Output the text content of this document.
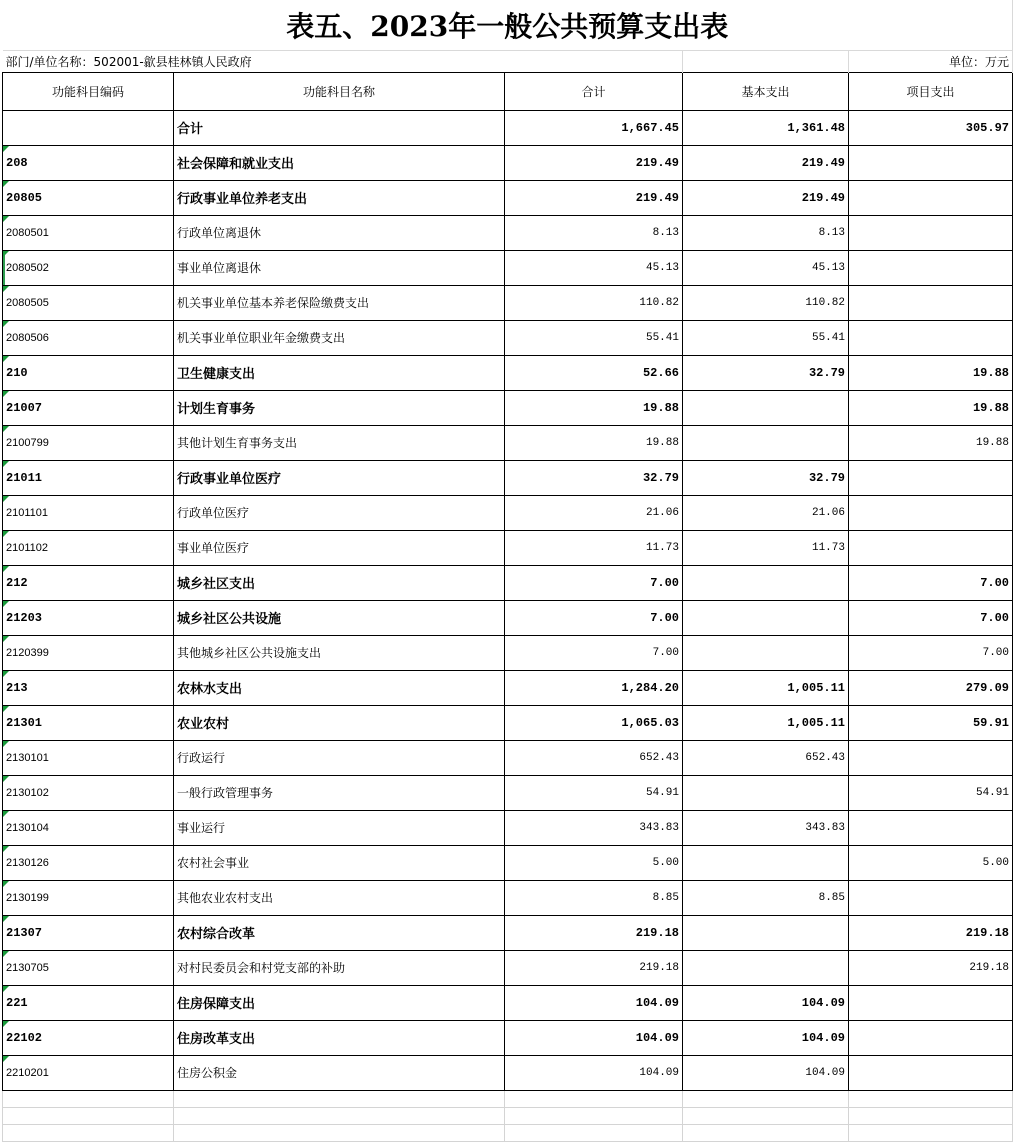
表五、2023年一般公共预算支出表				
部门/单位名称：502001-歙县桂林镇人民政府				单位：万元
功能科目编码	功能科目名称	合计	基本支出	项目支出
	合计	1,667.45	1,361.48	305.97
208	社会保障和就业支出	219.49	219.49	
20805	行政事业单位养老支出	219.49	219.49	
2080501	行政单位离退休	8.13	8.13	
2080502	事业单位离退休	45.13	45.13	
2080505	机关事业单位基本养老保险缴费支出	110.82	110.82	
2080506	机关事业单位职业年金缴费支出	55.41	55.41	
210	卫生健康支出	52.66	32.79	19.88
21007	计划生育事务	19.88		19.88
2100799	其他计划生育事务支出	19.88		19.88
21011	行政事业单位医疗	32.79	32.79	
2101101	行政单位医疗	21.06	21.06	
2101102	事业单位医疗	11.73	11.73	
212	城乡社区支出	7.00		7.00
21203	城乡社区公共设施	7.00		7.00
2120399	其他城乡社区公共设施支出	7.00		7.00
213	农林水支出	1,284.20	1,005.11	279.09
21301	农业农村	1,065.03	1,005.11	59.91
2130101	行政运行	652.43	652.43	
2130102	一般行政管理事务	54.91		54.91
2130104	事业运行	343.83	343.83	
2130126	农村社会事业	5.00		5.00
2130199	其他农业农村支出	8.85	8.85	
21307	农村综合改革	219.18		219.18
2130705	对村民委员会和村党支部的补助	219.18		219.18
221	住房保障支出	104.09	104.09	
22102	住房改革支出	104.09	104.09	
2210201	住房公积金	104.09	104.09	
